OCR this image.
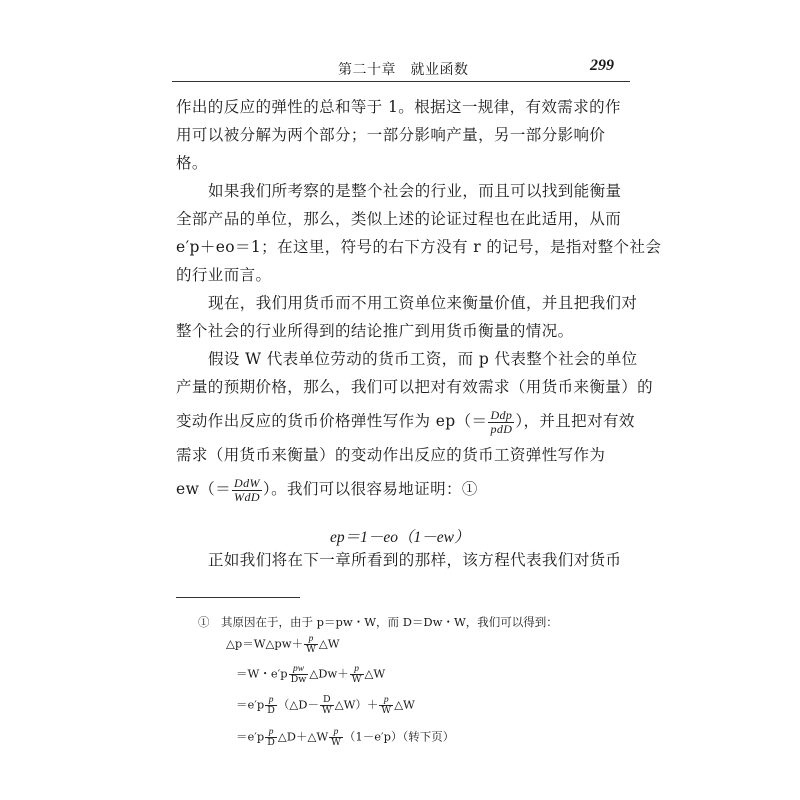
第二十章　就业函数	299
作出的反应的弹性的总和等于 1。根据这一规律，有效需求的作
用可以被分解为两个部分；一部分影响产量，另一部分影响价
格。
如果我们所考察的是整个社会的行业，而且可以找到能衡量
全部产品的单位，那么，类似上述的论证过程也在此适用，从而
e′p＋eo＝1；在这里，符号的右下方没有 r 的记号，是指对整个社会
的行业而言。
现在，我们用货币而不用工资单位来衡量价值，并且把我们对
整个社会的行业所得到的结论推广到用货币衡量的情况。
假设 W 代表单位劳动的货币工资，而 p 代表整个社会的单位
产量的预期价格，那么，我们可以把对有效需求（用货币来衡量）的
变动作出反应的货币价格弹性写作为 $ep(= \frac{\text{Ddp}}{\text{pdD}}$ ），并且把对有效
需求（用货币来衡量）的变动作出反应的货币工资弹性写作为
$ew(= \frac{\text{DdW}}{\text{WdD}}$ ）。我们可以很容易地证明：①
ep＝1－eo（1－ew）
正如我们将在下一章所看到的那样，该方程代表我们对货币
①　其原因在于，由于 p＝pw・W，而 D＝Dw・W，我们可以得到：
△p＝W△pw＋ $\frac{p}{W}$ △W
＝W・$e'p \frac{pw}{Dw}$ △Dw＋ $\frac{p}{W}$ △W
$=e'p \frac{p}{D}$ （△D－ $\frac{D}{W}$ △W）＋ $\frac{p}{W}$ △W
$=e'p \frac{p}{D}$ △D＋△W $\frac{p}{W} (1-e'p)$（转下页）
